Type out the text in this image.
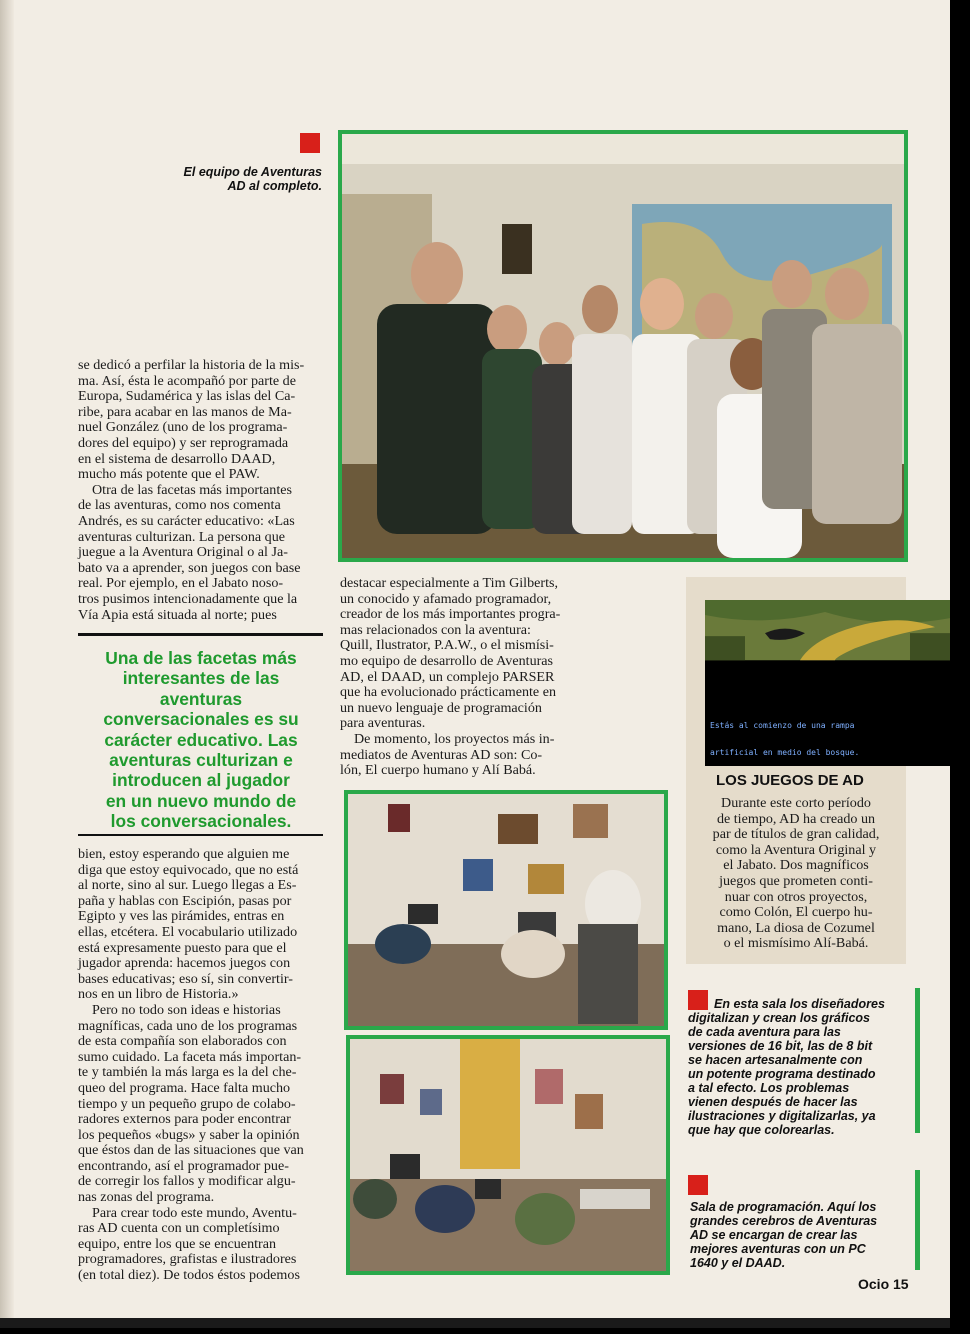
El equipo de Aventuras
AD al completo.

se dedicó a perfilar la historia de la mis-

ma. Así, ésta le acompañó por parte de

Europa, Sudamérica y las islas del Ca-

ribe, para acabar en las manos de Ma-

nuel González (uno de los programa-

dores del equipo) y ser reprogramada

en el sistema de desarrollo DAAD,

mucho más potente que el PAW.

Otra de las facetas más importantes

de las aventuras, como nos comenta

Andrés, es su carácter educativo: «Las

aventuras culturizan. La persona que

juegue a la Aventura Original o al Ja-

bato va a aprender, son juegos con base

real. Por ejemplo, en el Jabato noso-

tros pusimos intencionadamente que la

Vía Apia está situada al norte; pues

Una de las facetas más
interesantes de las
aventuras
conversacionales es su
carácter educativo. Las
aventuras culturizan e
introducen al jugador
en un nuevo mundo de
los conversacionales.

bien, estoy esperando que alguien me

diga que estoy equivocado, que no está

al norte, sino al sur. Luego llegas a Es-

paña y hablas con Escipión, pasas por

Egipto y ves las pirámides, entras en

ellas, etcétera. El vocabulario utilizado

está expresamente puesto para que el

jugador aprenda: hacemos juegos con

bases educativas; eso sí, sin convertir-

nos en un libro de Historia.»

Pero no todo son ideas e historias

magníficas, cada uno de los programas

de esta compañía son elaborados con

sumo cuidado. La faceta más importan-

te y también la más larga es la del che-

queo del programa. Hace falta mucho

tiempo y un pequeño grupo de colabo-

radores externos para poder encontrar

los pequeños «bugs» y saber la opinión

que éstos dan de las situaciones que van

encontrando, así el programador pue-

de corregir los fallos y modificar algu-

nas zonas del programa.

Para crear todo este mundo, Aventu-

ras AD cuenta con un completísimo

equipo, entre los que se encuentran

programadores, grafistas e ilustradores

(en total diez). De todos éstos podemos

destacar especialmente a Tim Gilberts,

un conocido y afamado programador,

creador de los más importantes progra-

mas relacionados con la aventura:

Quill, Ilustrator, P.A.W., o el mismísi-

mo equipo de desarrollo de Aventuras

AD, el DAAD, un complejo PARSER

que ha evolucionado prácticamente en

un nuevo lenguaje de programación

para aventuras.

De momento, los proyectos más in-

mediatos de Aventuras AD son: Co-

lón, El cuerpo humano y Alí Babá.

Estás al comienzo de una rampa

artificial en medio del bosque.

LOS JUEGOS DE AD
Durante este corto período
de tiempo, AD ha creado un
par de títulos de gran calidad,
como la Aventura Original y
el Jabato. Dos magníficos
juegos que prometen conti-
nuar con otros proyectos,
como Colón, El cuerpo hu-
mano, La diosa de Cozumel
o el mismísimo Alí-Babá.
En esta sala los diseñadores
digitalizan y crean los gráficos
de cada aventura para las
versiones de 16 bit, las de 8 bit
se hacen artesanalmente con
un potente programa destinado
a tal efecto. Los problemas
vienen después de hacer las
ilustraciones y digitalizarlas, ya
que hay que colorearlas.
Sala de programación. Aquí los
grandes cerebros de Aventuras
AD se encargan de crear las
mejores aventuras con un PC
1640 y el DAAD.
Ocio 15
